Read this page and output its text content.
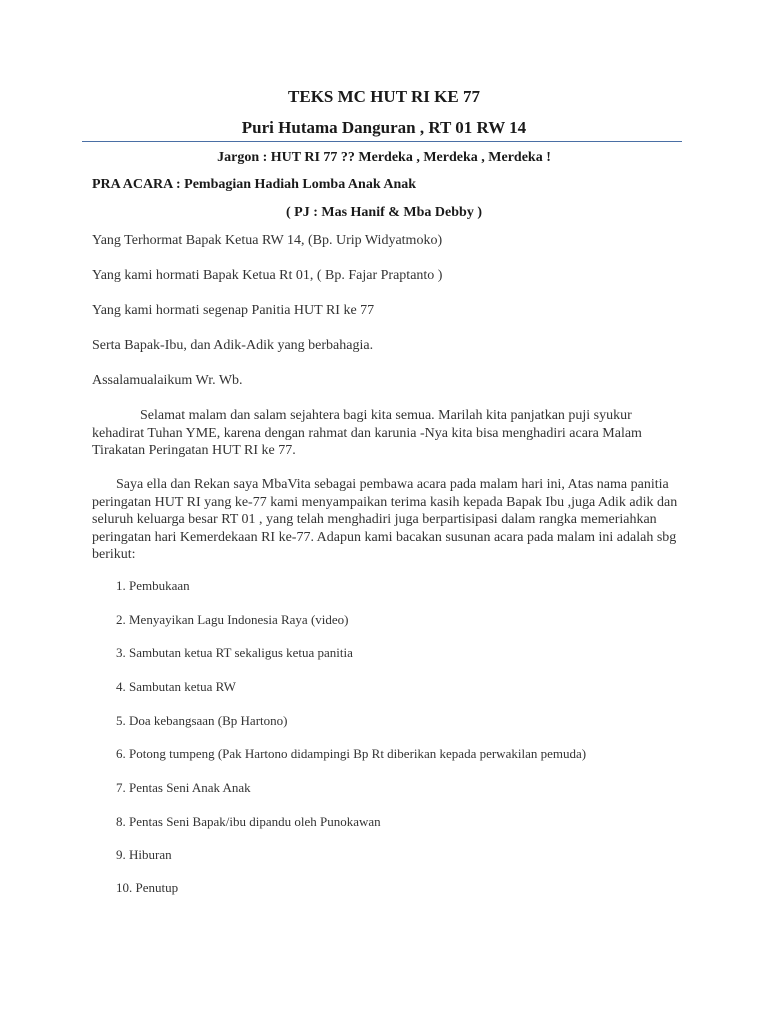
TEKS MC HUT RI KE 77
Puri Hutama Danguran , RT 01 RW 14
Jargon : HUT RI 77 ?? Merdeka , Merdeka , Merdeka !
PRA ACARA : Pembagian Hadiah Lomba Anak Anak
( PJ : Mas Hanif & Mba Debby )
Yang Terhormat Bapak Ketua RW 14, (Bp. Urip Widyatmoko)
Yang kami hormati Bapak Ketua Rt 01, ( Bp. Fajar Praptanto )
Yang kami hormati segenap Panitia HUT RI ke 77
Serta Bapak-Ibu, dan Adik-Adik yang berbahagia.
Assalamualaikum Wr. Wb.
Selamat malam dan salam sejahtera bagi kita semua. Marilah kita panjatkan puji syukur kehadirat Tuhan YME, karena dengan rahmat dan karunia -Nya kita bisa menghadiri acara Malam Tirakatan Peringatan HUT RI ke 77.
Saya ella dan Rekan saya MbaVita sebagai pembawa acara pada malam hari ini, Atas nama panitia peringatan HUT RI yang ke-77 kami menyampaikan terima kasih kepada Bapak Ibu ,juga Adik adik dan seluruh keluarga besar RT 01 , yang telah menghadiri juga berpartisipasi dalam rangka memeriahkan peringatan hari Kemerdekaan RI ke-77. Adapun kami bacakan susunan acara pada malam ini adalah sbg berikut:
1. Pembukaan
2. Menyayikan Lagu Indonesia Raya (video)
3. Sambutan ketua RT sekaligus ketua panitia
4. Sambutan ketua RW
5. Doa kebangsaan (Bp Hartono)
6. Potong tumpeng (Pak Hartono didampingi Bp Rt diberikan kepada perwakilan pemuda)
7. Pentas Seni Anak Anak
8. Pentas Seni Bapak/ibu dipandu oleh Punokawan
9. Hiburan
10. Penutup
